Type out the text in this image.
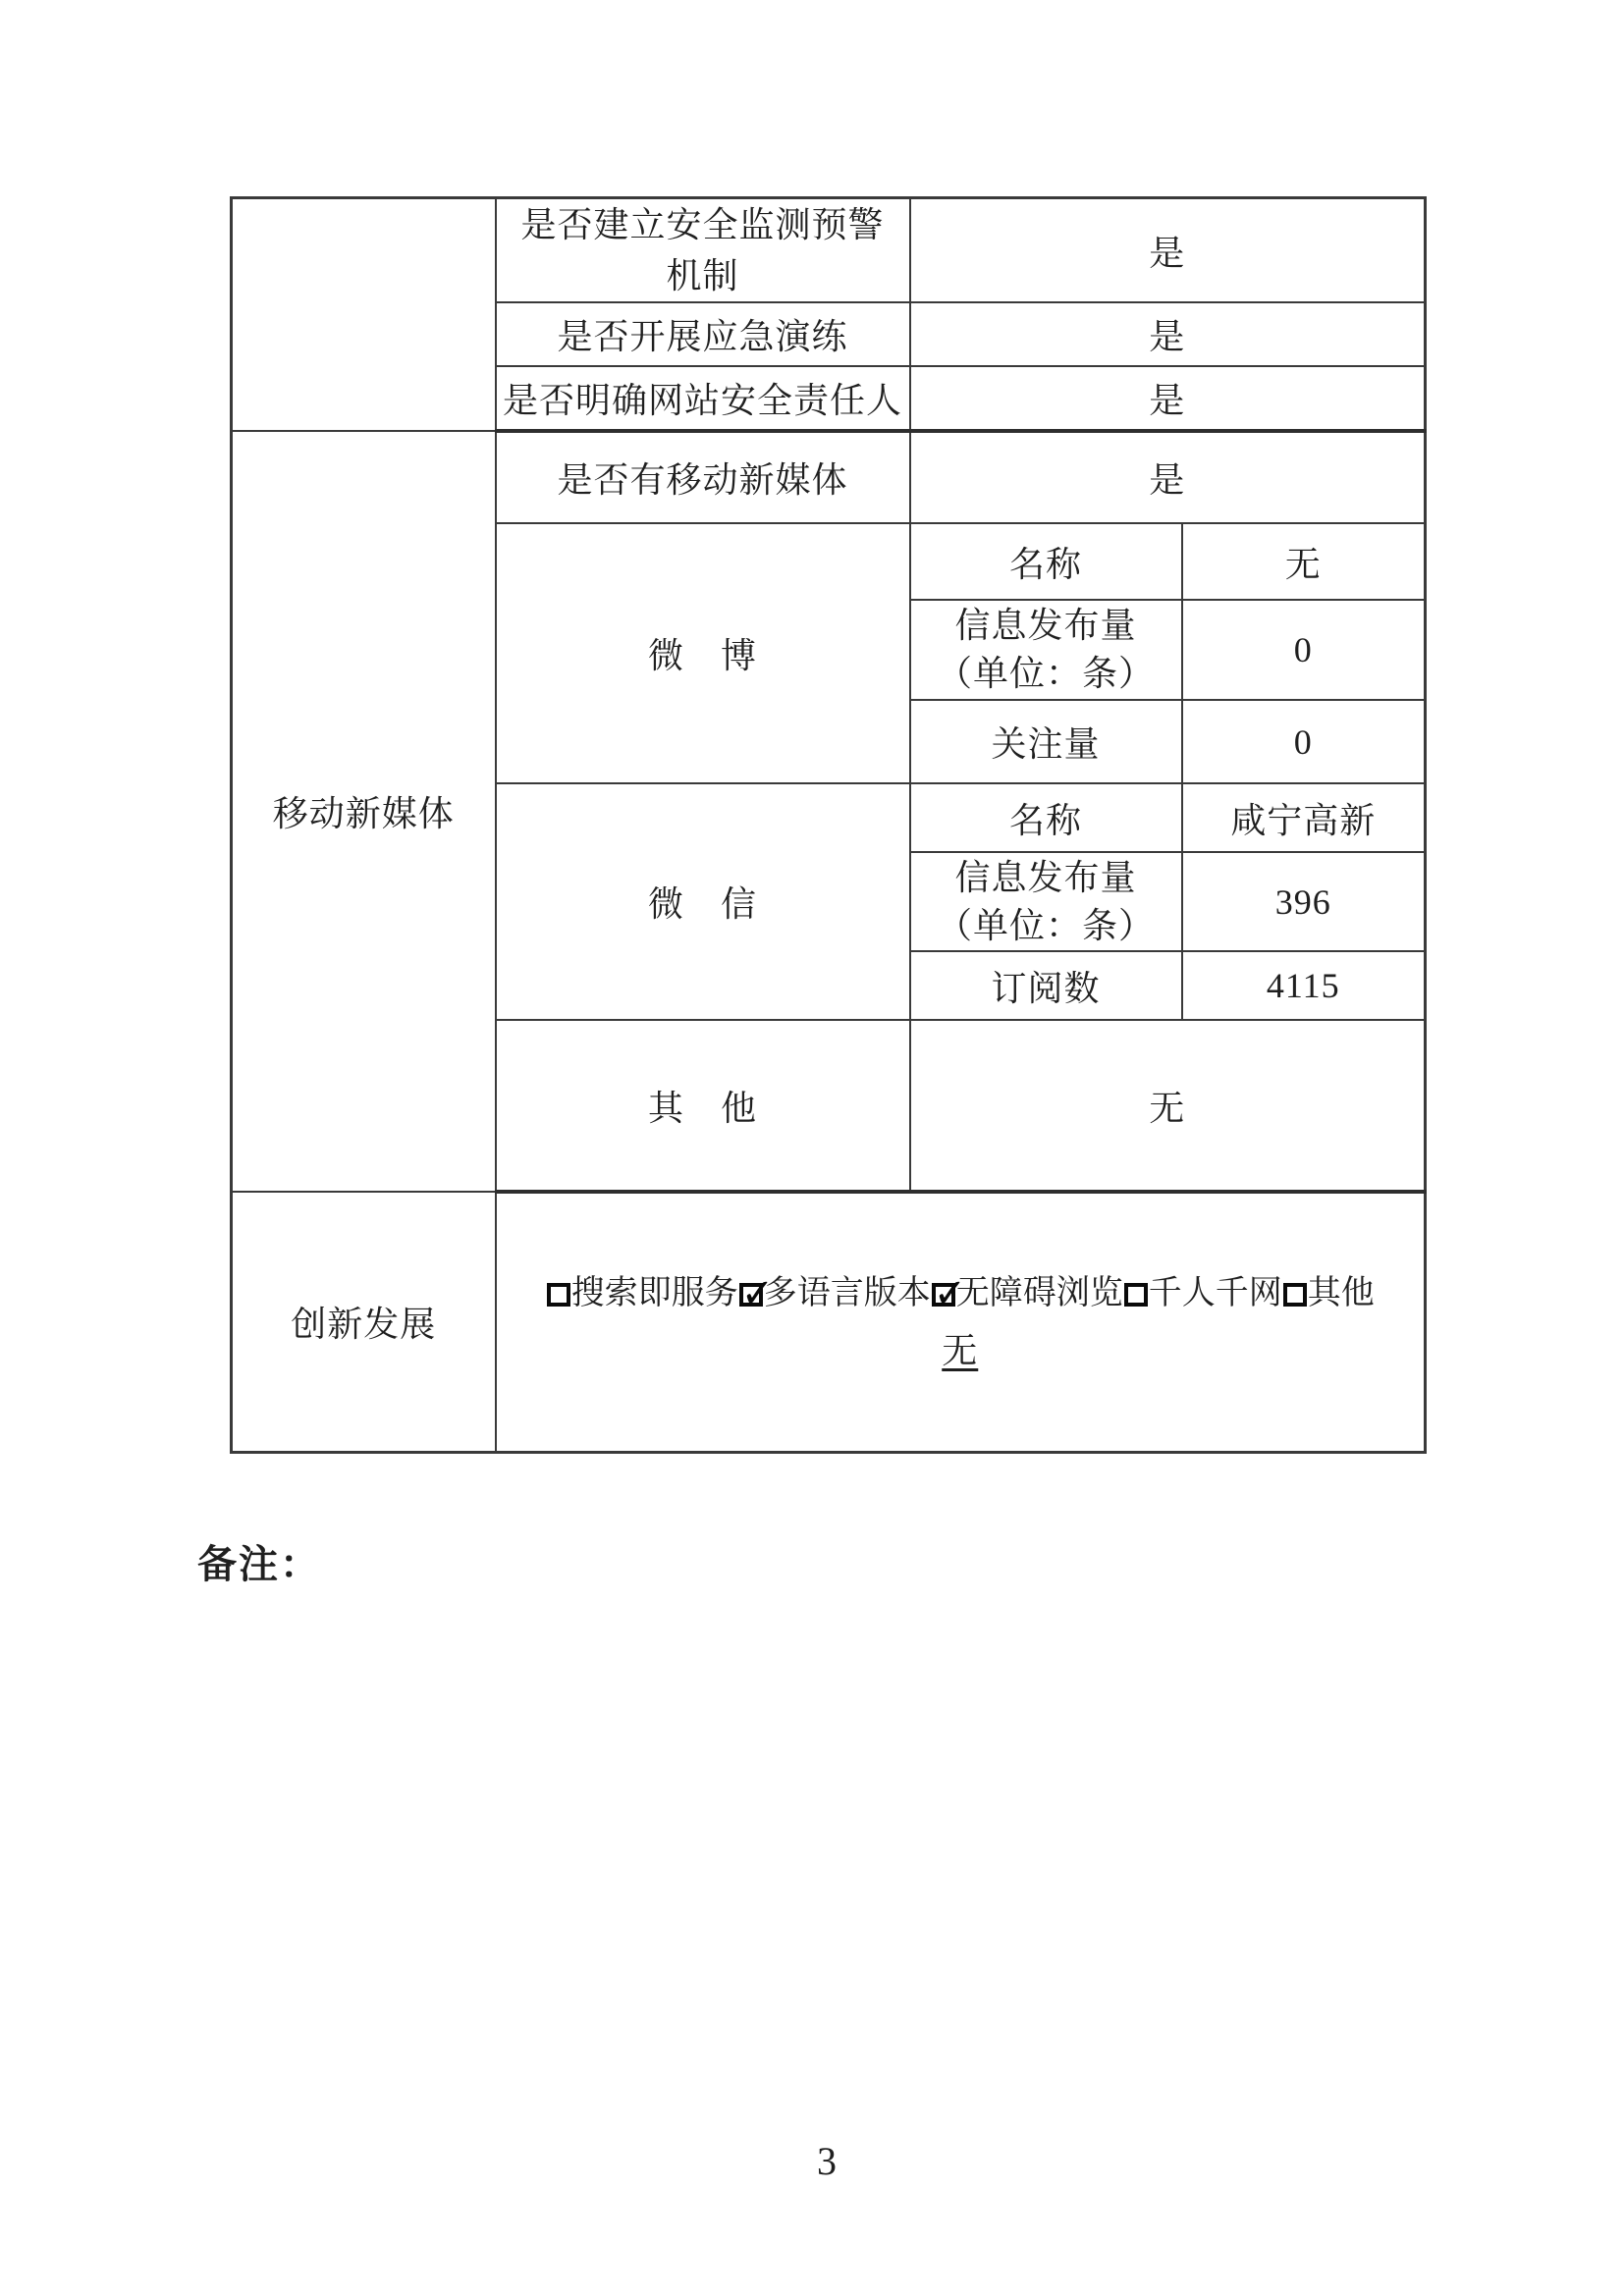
	是否建立安全监测预警机制	是	
	是否开展应急演练	是	
	是否明确网站安全责任人	是	
移动新媒体	是否有移动新媒体	是	
	微　博	名称	无

		信息发布量
（单位：条）	0
		关注量	0
	微　信	名称	咸宁高新

		信息发布量
（单位：条）	396
		订阅数	4115
	其　他	无	
创新发展	搜索即服务 ✓ 多语言版本 ✓ 无障碍浏览 千人千网 其他
无
备注：
3
